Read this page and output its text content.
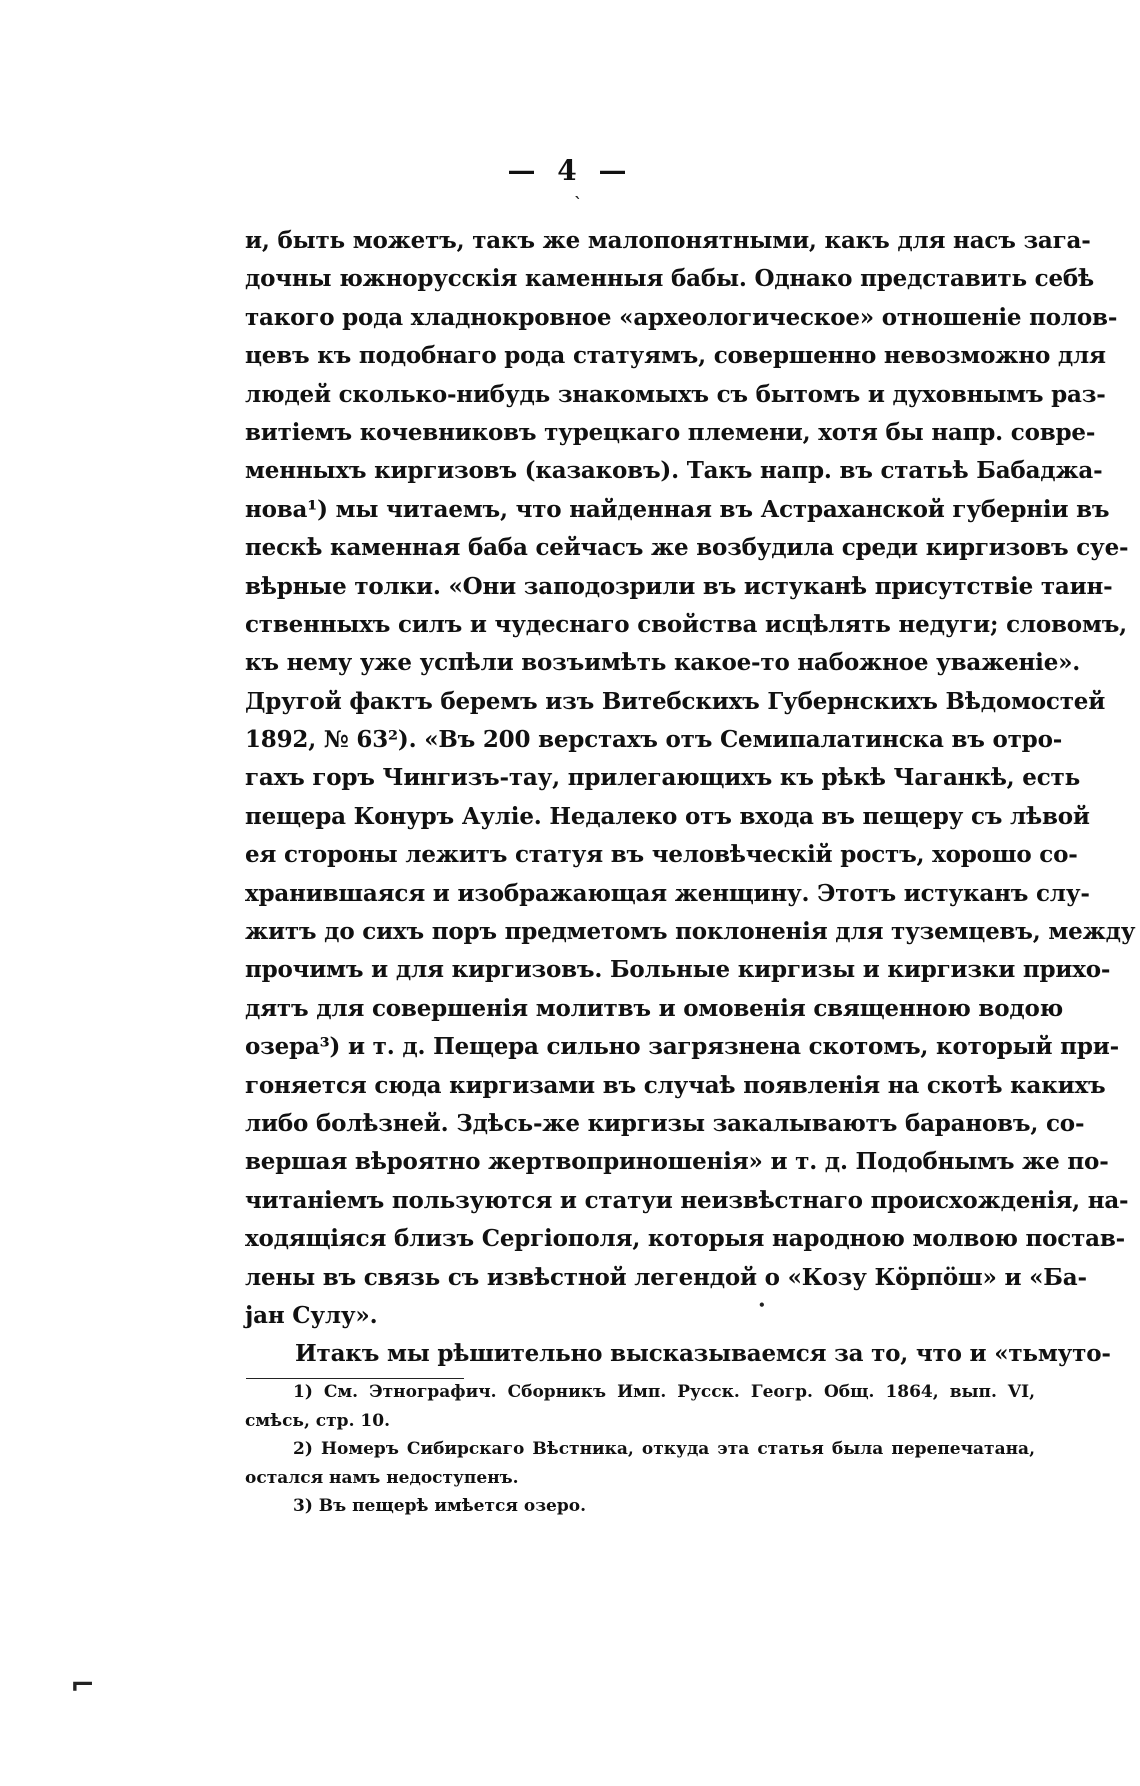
— 4 —
ˋ
и, быть можетъ, такъ же малопонятными, какъ для насъ зага-
дочны южнорусскія каменныя бабы. Однако представить себѣ
такого рода хладнокровное «археологическое» отношеніе полов-
цевъ къ подобнаго рода статуямъ, совершенно невозможно для
людей сколько-нибудь знакомыхъ съ бытомъ и духовнымъ раз-
витіемъ кочевниковъ турецкаго племени, хотя бы напр. совре-
менныхъ киргизовъ (казаковъ). Такъ напр. въ статьѣ Бабаджа-
нова¹) мы читаемъ, что найденная въ Астраханской губерніи въ
пескѣ каменная баба сейчасъ же возбудила среди киргизовъ суе-
вѣрные толки. «Они заподозрили въ истуканѣ присутствіе таин-
ственныхъ силъ и чудеснаго свойства исцѣлять недуги; словомъ,
къ нему уже успѣли возъимѣть какое-то набожное уваженіе».
Другой фактъ беремъ изъ Витебскихъ Губернскихъ Вѣдомостей
1892, № 63²). «Въ 200 верстахъ отъ Семипалатинска въ отро-
гахъ горъ Чингизъ-тау, прилегающихъ къ рѣкѣ Чаганкѣ, есть
пещера Конуръ Аулiе. Недалеко отъ входа въ пещеру съ лѣвой
ея стороны лежитъ статуя въ человѣческій ростъ, хорошо со-
хранившаяся и изображающая женщину. Этотъ истуканъ слу-
житъ до сихъ поръ предметомъ поклоненія для туземцевъ, между
прочимъ и для киргизовъ. Больные киргизы и киргизки прихо-
дятъ для совершенія молитвъ и омовенія священною водою
озера³) и т. д. Пещера сильно загрязнена скотомъ, который при-
гоняется сюда киргизами въ случаѣ появленія на скотѣ какихъ
либо болѣзней. Здѣсь-же киргизы закалываютъ барановъ, со-
вершая вѣроятно жертвоприношенія» и т. д. Подобнымъ же по-
читаніемъ пользуются и статуи неизвѣстнаго происхожденія, на-
ходящіяся близъ Сергіополя, которыя народною молвою постав-
лены въ связь съ извѣстной легендой о «Козу Кӧрпӧш» и «Ба-
јан Сулу».
Итакъ мы рѣшительно высказываемся за то, что и «тьмуто-
•
1) См. Этнографич. Сборникъ Имп. Русск. Геогр. Общ. 1864, вып. VI,
смѣсь, стр. 10.
2) Номеръ Сибирскаго Вѣстника, откуда эта статья была перепечатана,
остался намъ недоступенъ.
3) Въ пещерѣ имѣется озеро.
⌐
